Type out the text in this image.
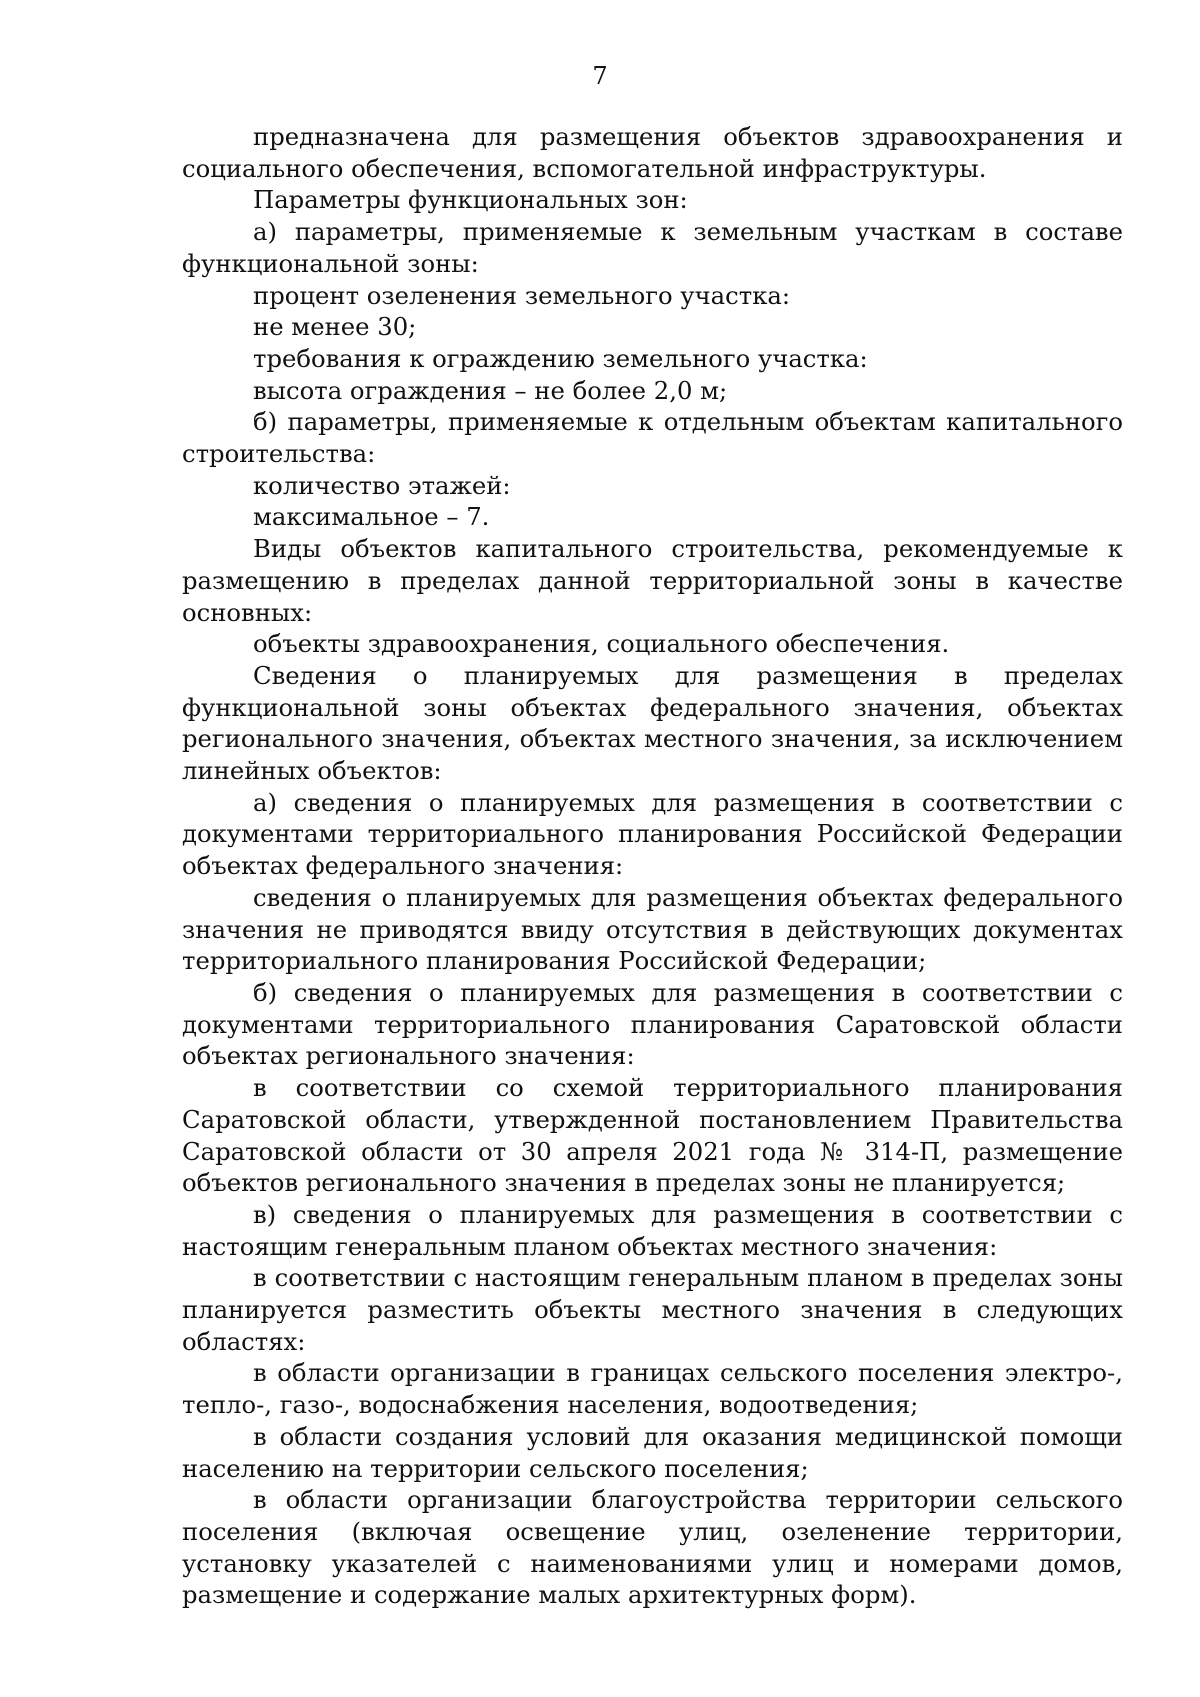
7

предназначена для размещения объектов здравоохранения и социального обеспечения, вспомогательной инфраструктуры.

Параметры функциональных зон:

а) параметры, применяемые к земельным участкам в составе функциональной зоны:

процент озеленения земельного участка:

не менее 30;

требования к ограждению земельного участка:

высота ограждения – не более 2,0 м;

б) параметры, применяемые к отдельным объектам капитального строительства:

количество этажей:

максимальное – 7.

Виды объектов капитального строительства, рекомендуемые к размещению в пределах данной территориальной зоны в качестве основных:

объекты здравоохранения, социального обеспечения.

Сведения о планируемых для размещения в пределах функциональной зоны объектах федерального значения, объектах регионального значения, объектах местного значения, за исключением линейных объектов:

а) сведения о планируемых для размещения в соответствии с документами территориального планирования Российской Федерации объектах федерального значения:

сведения о планируемых для размещения объектах федерального значения не приводятся ввиду отсутствия в действующих документах территориального планирования Российской Федерации;

б) сведения о планируемых для размещения в соответствии с документами территориального планирования Саратовской области объектах регионального значения:

в соответствии со схемой территориального планирования Саратовской области, утвержденной постановлением Правительства Саратовской области от 30 апреля 2021 года № 314-П, размещение объектов регионального значения в пределах зоны не планируется;

в) сведения о планируемых для размещения в соответствии с настоящим генеральным планом объектах местного значения:

в соответствии с настоящим генеральным планом в пределах зоны планируется разместить объекты местного значения в следующих областях:

в области организации в границах сельского поселения электро-, тепло-, газо-, водоснабжения населения, водоотведения;

в области создания условий для оказания медицинской помощи населению на территории сельского поселения;

в области организации благоустройства территории сельского поселения (включая освещение улиц, озеленение территории, установку указателей с наименованиями улиц и номерами домов, размещение и содержание малых архитектурных форм).
